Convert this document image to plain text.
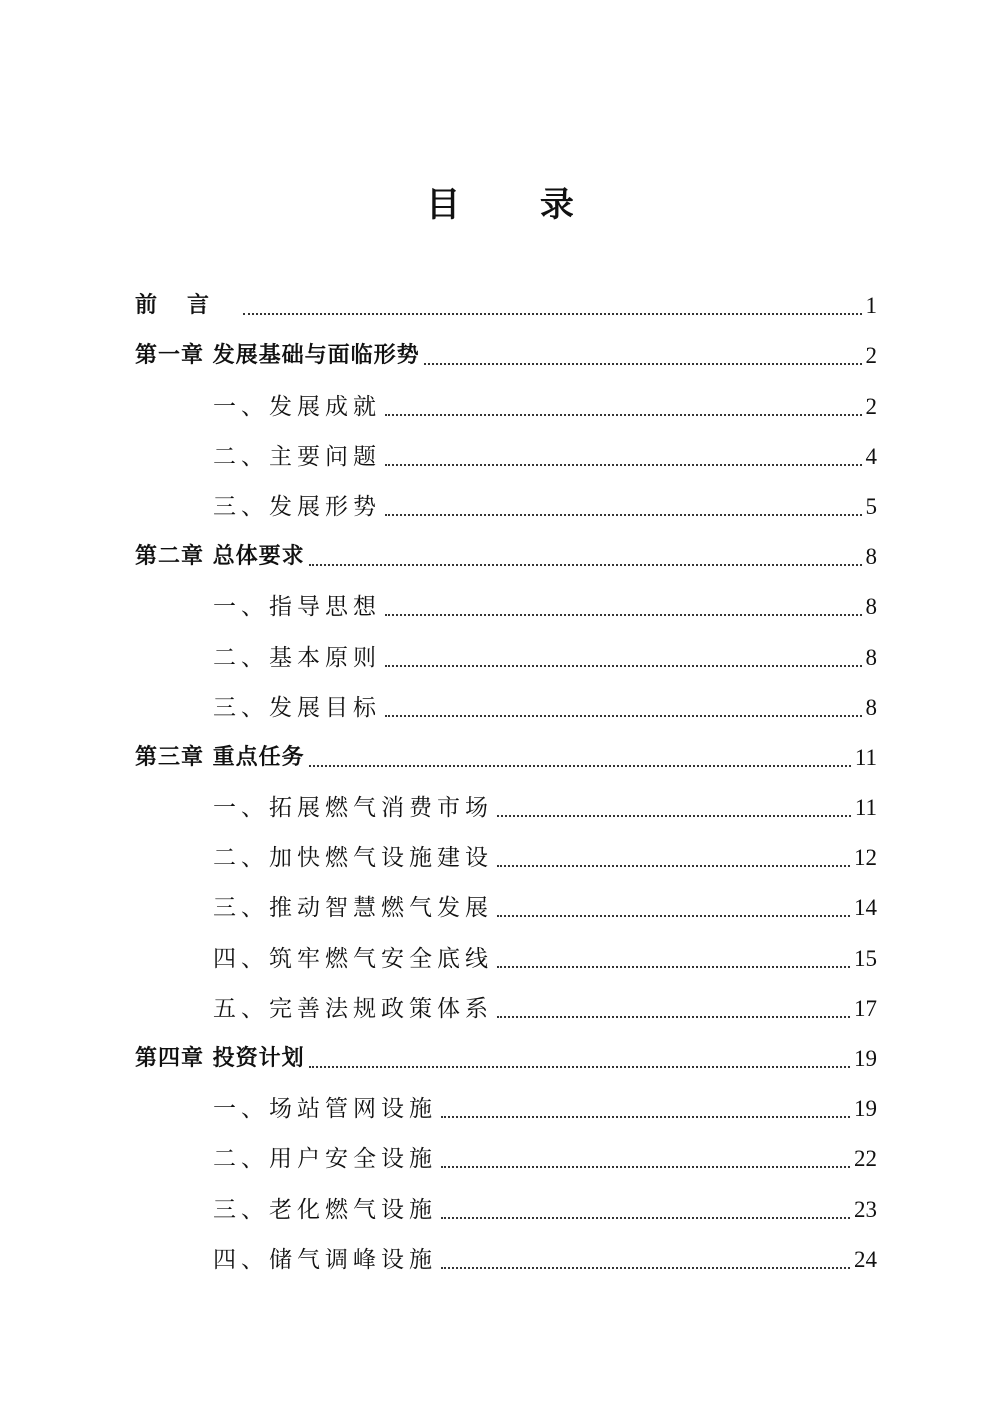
目 录
前言	1
第一章 发展基础与面临形势	2
一、发展成就	2
二、主要问题	4
三、发展形势	5
第二章 总体要求	8
一、指导思想	8
二、基本原则	8
三、发展目标	8
第三章 重点任务	11
一、拓展燃气消费市场	11
二、加快燃气设施建设	12
三、推动智慧燃气发展	14
四、筑牢燃气安全底线	15
五、完善法规政策体系	17
第四章 投资计划	19
一、场站管网设施	19
二、用户安全设施	22
三、老化燃气设施	23
四、储气调峰设施	24
